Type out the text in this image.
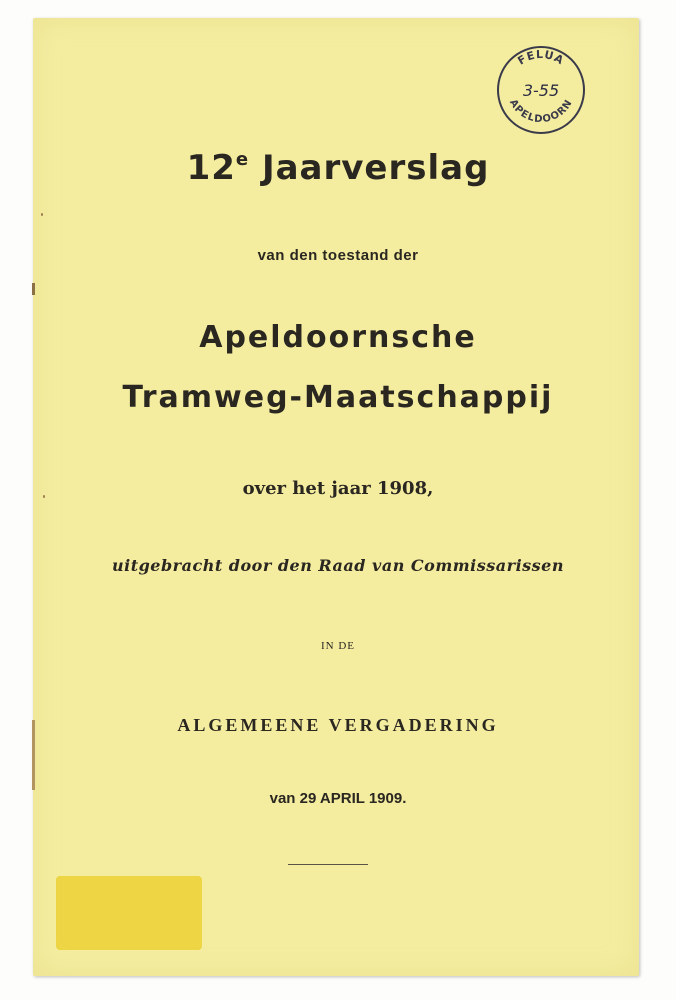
FELUA
3-55
APELDOORN
12e Jaarverslag
van den toestand der
Apeldoornsche
Tramweg-Maatschappij
over het jaar 1908,
uitgebracht door den Raad van Commissarissen
IN DE
ALGEMEENE VERGADERING
van 29 APRIL 1909.
